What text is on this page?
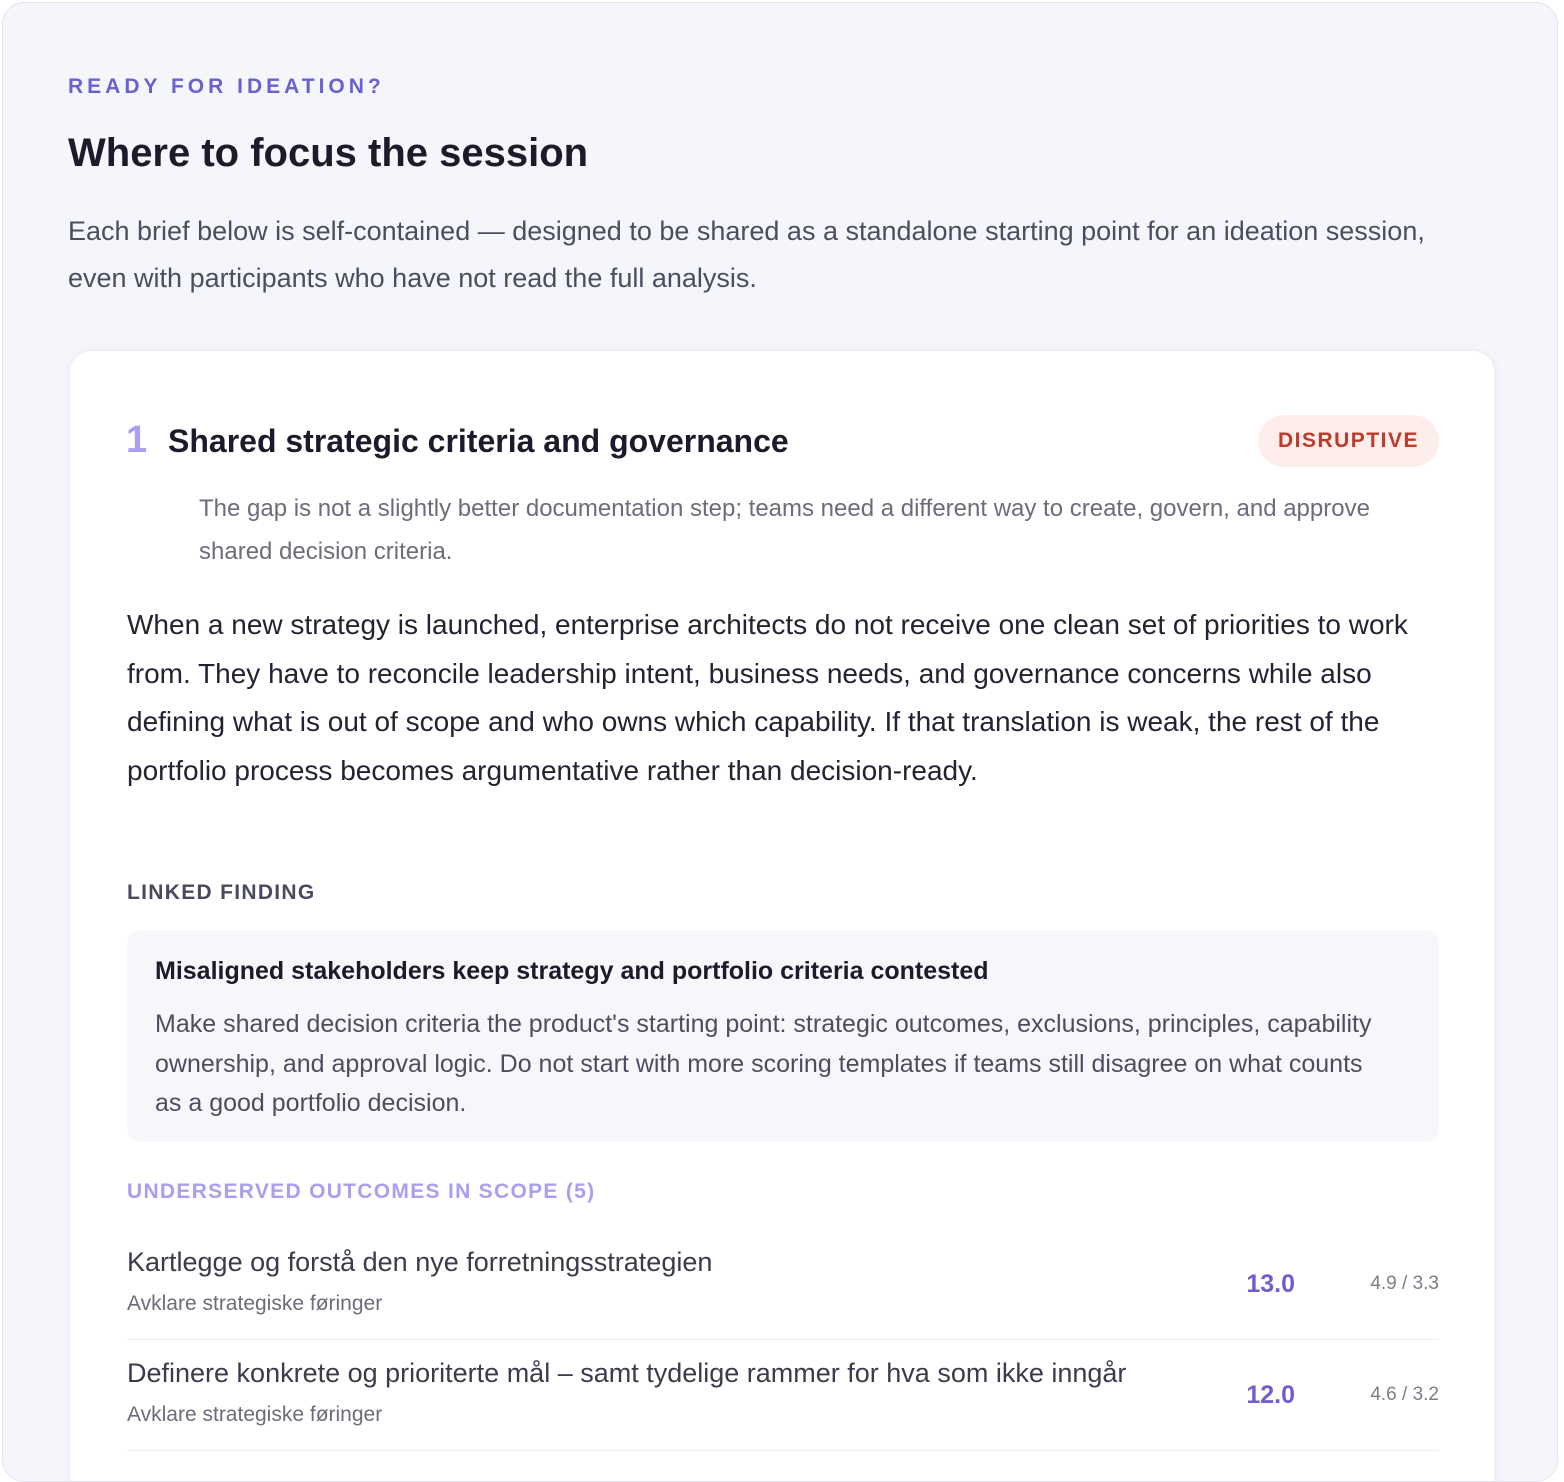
READY FOR IDEATION?
Where to focus the session

Each brief below is self-contained — designed to be shared as a standalone starting point for an ideation session, even with participants who have not read the full analysis.

1 Shared strategic criteria and governance	DISRUPTIVE

The gap is not a slightly better documentation step; teams need a different way to create, govern, and approve shared decision criteria.

When a new strategy is launched, enterprise architects do not receive one clean set of priorities to work from. They have to reconcile leadership intent, business needs, and governance concerns while also defining what is out of scope and who owns which capability. If that translation is weak, the rest of the portfolio process becomes argumentative rather than decision-ready.

LINKED FINDING
Misaligned stakeholders keep strategy and portfolio criteria contested

Make shared decision criteria the product's starting point: strategic outcomes, exclusions, principles, capability ownership, and approval logic. Do not start with more scoring templates if teams still disagree on what counts as a good portfolio decision.

UNDERSERVED OUTCOMES IN SCOPE (5)
Kartlegge og forstå den nye forretningsstrategien
Avklare strategiske føringer
13.0	4.9 / 3.3
Definere konkrete og prioriterte mål – samt tydelige rammer for hva som ikke inngår
Avklare strategiske føringer
12.0	4.6 / 3.2
